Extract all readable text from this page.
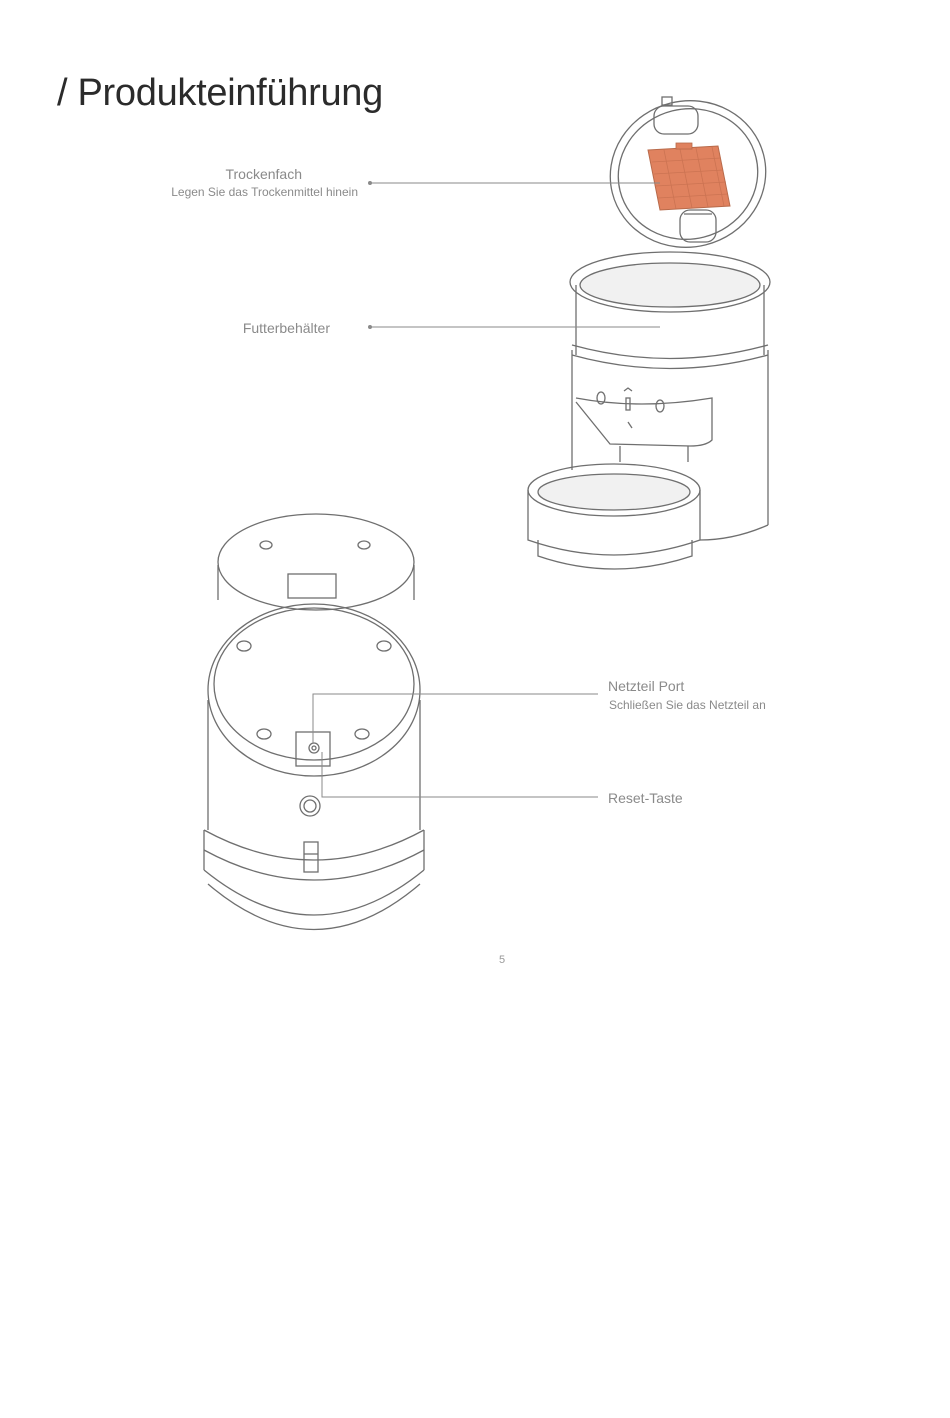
/ Produkteinführung
Trockenfach
Legen Sie das Trockenmittel hinein
Futterbehälter
Netzteil Port
Schließen Sie das Netzteil an
Reset-Taste
5
